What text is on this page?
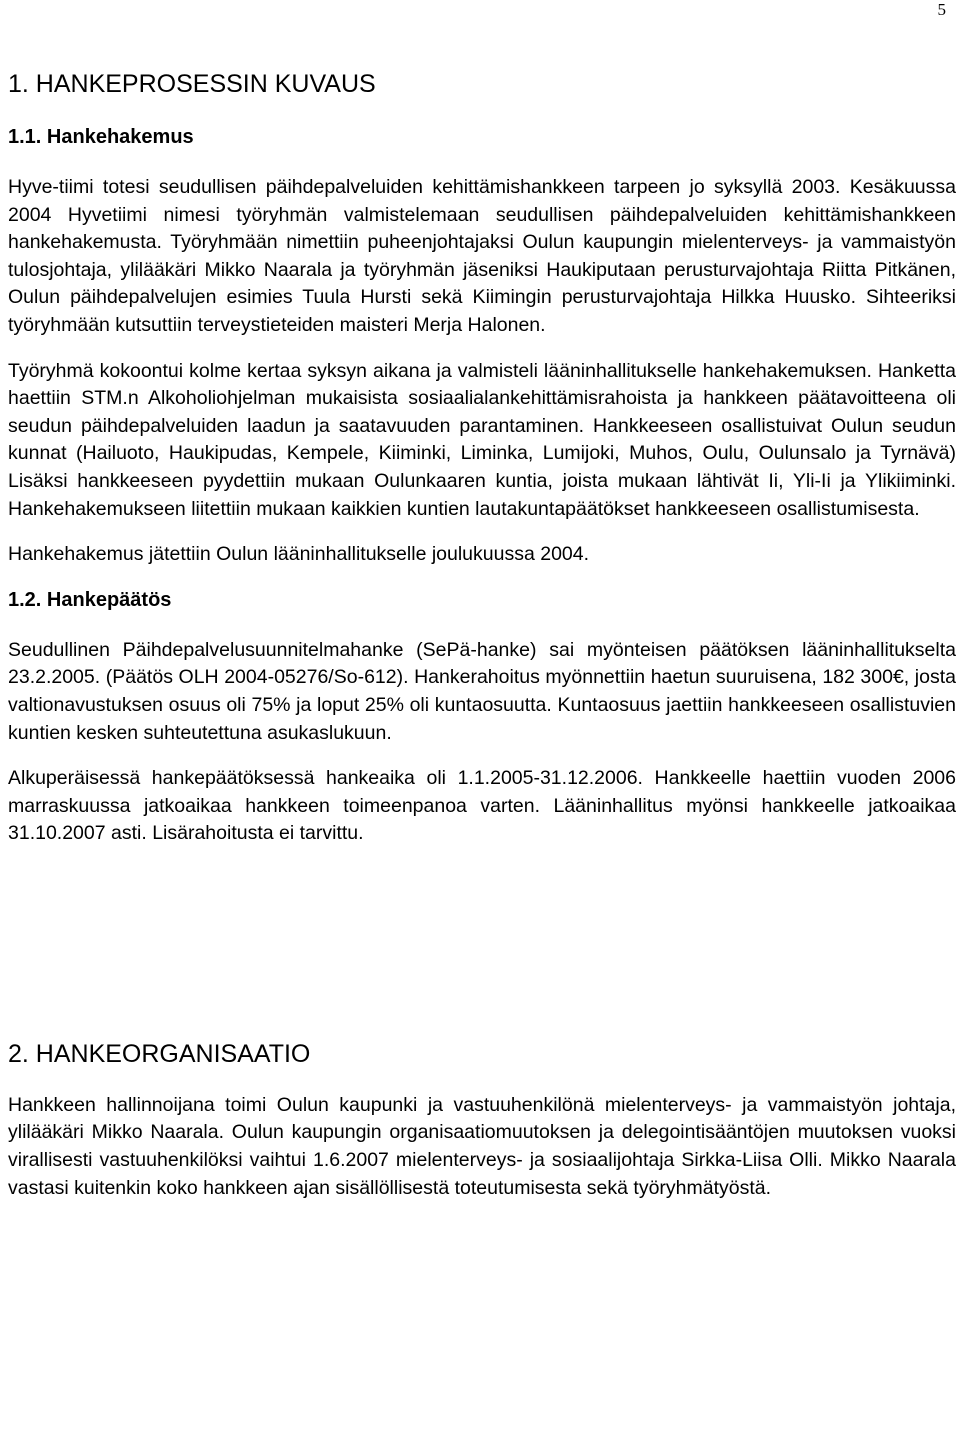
5
1. HANKEPROSESSIN KUVAUS
1.1. Hankehakemus

Hyve-tiimi totesi seudullisen päihdepalveluiden kehittämishankkeen tarpeen jo syksyllä 2003. Kesäkuussa 2004 Hyvetiimi nimesi työryhmän valmistelemaan seudullisen päihdepalveluiden kehittämishankkeen hankehakemusta. Työryhmään nimettiin puheenjohtajaksi Oulun kaupungin mielenterveys- ja vammaistyön tulosjohtaja, ylilääkäri Mikko Naarala ja työryhmän jäseniksi Haukiputaan perusturvajohtaja Riitta Pitkänen, Oulun päihdepalvelujen esimies Tuula Hursti sekä Kiimingin perusturvajohtaja Hilkka Huusko. Sihteeriksi työryhmään kutsuttiin terveystieteiden maisteri Merja Halonen.

Työryhmä kokoontui kolme kertaa syksyn aikana ja valmisteli lääninhallitukselle hankehakemuksen. Hanketta haettiin STM.n Alkoholiohjelman mukaisista sosiaalialankehittämisrahoista ja hankkeen päätavoitteena oli seudun päihdepalveluiden laadun ja saatavuuden parantaminen. Hankkeeseen osallistuivat Oulun seudun kunnat (Hailuoto, Haukipudas, Kempele, Kiiminki, Liminka, Lumijoki, Muhos, Oulu, Oulunsalo ja Tyrnävä) Lisäksi hankkeeseen pyydettiin mukaan Oulunkaaren kuntia, joista mukaan lähtivät Ii, Yli-Ii ja Ylikiiminki. Hankehakemukseen liitettiin mukaan kaikkien kuntien lautakuntapäätökset hankkeeseen osallistumisesta.

Hankehakemus jätettiin Oulun lääninhallitukselle joulukuussa 2004.

1.2. Hankepäätös

Seudullinen Päihdepalvelusuunnitelmahanke (SePä-hanke) sai myönteisen päätöksen lääninhallitukselta 23.2.2005. (Päätös OLH 2004-05276/So-612). Hankerahoitus myönnettiin haetun suuruisena, 182 300€, josta valtionavustuksen osuus oli 75% ja loput 25% oli kuntaosuutta. Kuntaosuus jaettiin hankkeeseen osallistuvien kuntien kesken suhteutettuna asukaslukuun.

Alkuperäisessä hankepäätöksessä hankeaika oli 1.1.2005-31.12.2006. Hankkeelle haettiin vuoden 2006 marraskuussa jatkoaikaa hankkeen toimeenpanoa varten. Lääninhallitus myönsi hankkeelle jatkoaikaa 31.10.2007 asti. Lisärahoitusta ei tarvittu.

2. HANKEORGANISAATIO

Hankkeen hallinnoijana toimi Oulun kaupunki ja vastuuhenkilönä mielenterveys- ja vammaistyön johtaja, ylilääkäri Mikko Naarala. Oulun kaupungin organisaatiomuutoksen ja delegointisääntöjen muutoksen vuoksi virallisesti vastuuhenkilöksi vaihtui 1.6.2007 mielenterveys- ja sosiaalijohtaja Sirkka-Liisa Olli. Mikko Naarala vastasi kuitenkin koko hankkeen ajan sisällöllisestä toteutumisesta sekä työryhmätyöstä.
